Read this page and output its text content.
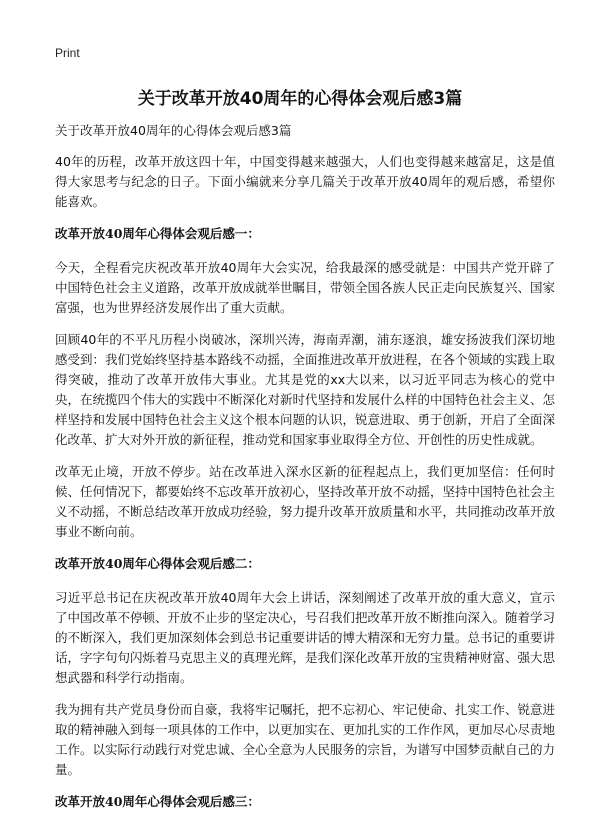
Print
关于改革开放40周年的心得体会观后感3篇
关于改革开放40周年的心得体会观后感3篇

40年的历程，改革开放这四十年，中国变得越来越强大，人们也变得越来越富足，这是值得大家思考与纪念的日子。下面小编就来分享几篇关于改革开放40周年的观后感，希望你能喜欢。

改革开放40周年心得体会观后感一：

今天，全程看完庆祝改革开放40周年大会实况，给我最深的感受就是：中国共产党开辟了中国特色社会主义道路，改革开放成就举世瞩目，带领全国各族人民正走向民族复兴、国家富强，也为世界经济发展作出了重大贡献。

回顾40年的不平凡历程小岗破冰，深圳兴涛，海南弄潮，浦东逐浪，雄安扬波我们深切地感受到：我们党始终坚持基本路线不动摇，全面推进改革开放进程，在各个领域的实践上取得突破，推动了改革开放伟大事业。尤其是党的xx大以来，以习近平同志为核心的党中央，在统揽四个伟大的实践中不断深化对新时代坚持和发展什么样的中国特色社会主义、怎样坚持和发展中国特色社会主义这个根本问题的认识，锐意进取、勇于创新，开启了全面深化改革、扩大对外开放的新征程，推动党和国家事业取得全方位、开创性的历史性成就。

改革无止境，开放不停步。站在改革进入深水区新的征程起点上，我们更加坚信：任何时候、任何情况下，都要始终不忘改革开放初心，坚持改革开放不动摇，坚持中国特色社会主义不动摇，不断总结改革开放成功经验，努力提升改革开放质量和水平，共同推动改革开放事业不断向前。

改革开放40周年心得体会观后感二：

习近平总书记在庆祝改革开放40周年大会上讲话，深刻阐述了改革开放的重大意义，宣示了中国改革不停顿、开放不止步的坚定决心，号召我们把改革开放不断推向深入。随着学习的不断深入，我们更加深刻体会到总书记重要讲话的博大精深和无穷力量。总书记的重要讲话，字字句句闪烁着马克思主义的真理光辉，是我们深化改革开放的宝贵精神财富、强大思想武器和科学行动指南。

我为拥有共产党员身份而自豪，我将牢记嘱托，把不忘初心、牢记使命、扎实工作、锐意进取的精神融入到每一项具体的工作中，以更加实在、更加扎实的工作作风，更加尽心尽责地工作。以实际行动践行对党忠诚、全心全意为人民服务的宗旨，为谱写中国梦贡献自己的力量。

改革开放40周年心得体会观后感三：
